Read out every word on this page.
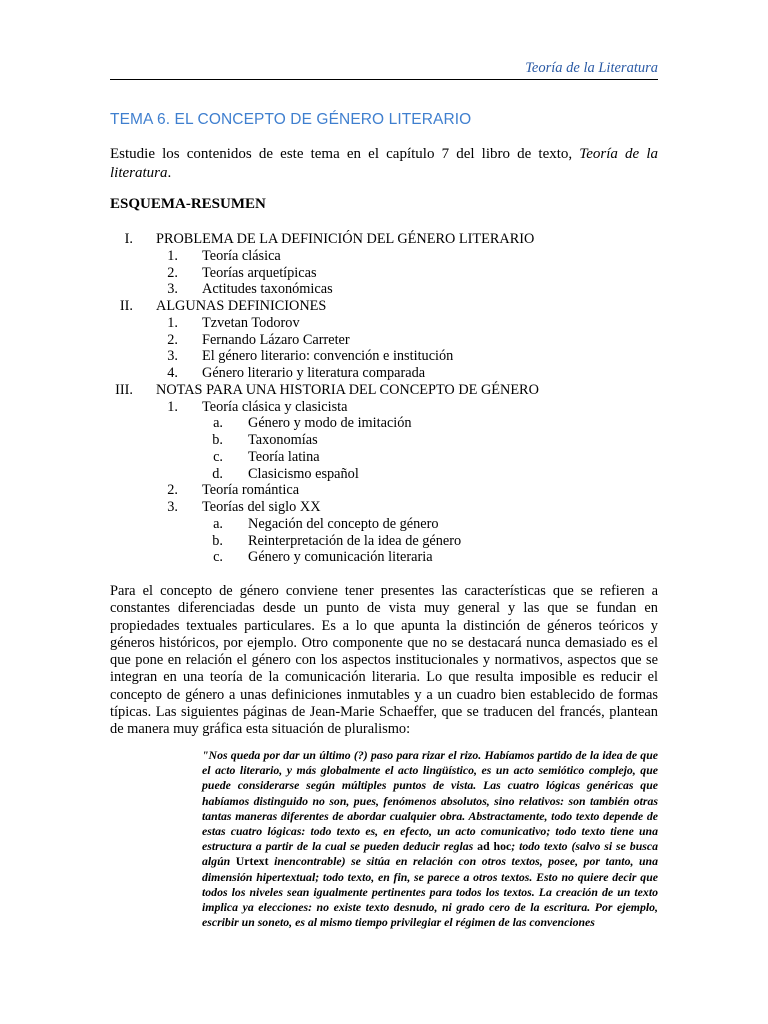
Teoría de la Literatura
TEMA 6. EL CONCEPTO DE GÉNERO LITERARIO

Estudie los contenidos de este tema en el capítulo 7 del libro de texto, Teoría de la literatura.

ESQUEMA-RESUMEN

I. PROBLEMA DE LA DEFINICIÓN DEL GÉNERO LITERARIO
1. Teoría clásica
2. Teorías arquetípicas
3. Actitudes taxonómicas
II. ALGUNAS DEFINICIONES
1. Tzvetan Todorov
2. Fernando Lázaro Carreter
3. El género literario: convención e institución
4. Género literario y literatura comparada
III. NOTAS PARA UNA HISTORIA DEL CONCEPTO DE GÉNERO
1. Teoría clásica y clasicista
a. Género y modo de imitación
b. Taxonomías
c. Teoría latina
d. Clasicismo español
2. Teoría romántica
3. Teorías del siglo XX
a. Negación del concepto de género
b. Reinterpretación de la idea de género
c. Género y comunicación literaria

Para el concepto de género conviene tener presentes las características que se refieren a constantes diferenciadas desde un punto de vista muy general y las que se fundan en propiedades textuales particulares. Es a lo que apunta la distinción de géneros teóricos y géneros históricos, por ejemplo. Otro componente que no se destacará nunca demasiado es el que pone en relación el género con los aspectos institucionales y normativos, aspectos que se integran en una teoría de la comunicación literaria. Lo que resulta imposible es reducir el concepto de género a unas definiciones inmutables y a un cuadro bien establecido de formas típicas. Las siguientes páginas de Jean-Marie Schaeffer, que se traducen del francés, plantean de manera muy gráfica esta situación de pluralismo:

"Nos queda por dar un último (?) paso para rizar el rizo. Habíamos partido de la idea de que el acto literario, y más globalmente el acto lingüístico, es un acto semiótico complejo, que puede considerarse según múltiples puntos de vista. Las cuatro lógicas genéricas que habíamos distinguido no son, pues, fenómenos absolutos, sino relativos: son también otras tantas maneras diferentes de abordar cualquier obra. Abstractamente, todo texto depende de estas cuatro lógicas: todo texto es, en efecto, un acto comunicativo; todo texto tiene una estructura a partir de la cual se pueden deducir reglas ad hoc; todo texto (salvo si se busca algún Urtext inencontrable) se sitúa en relación con otros textos, posee, por tanto, una dimensión hipertextual; todo texto, en fin, se parece a otros textos. Esto no quiere decir que todos los niveles sean igualmente pertinentes para todos los textos. La creación de un texto implica ya elecciones: no existe texto desnudo, ni grado cero de la escritura. Por ejemplo, escribir un soneto, es al mismo tiempo privilegiar el régimen de las convenciones
